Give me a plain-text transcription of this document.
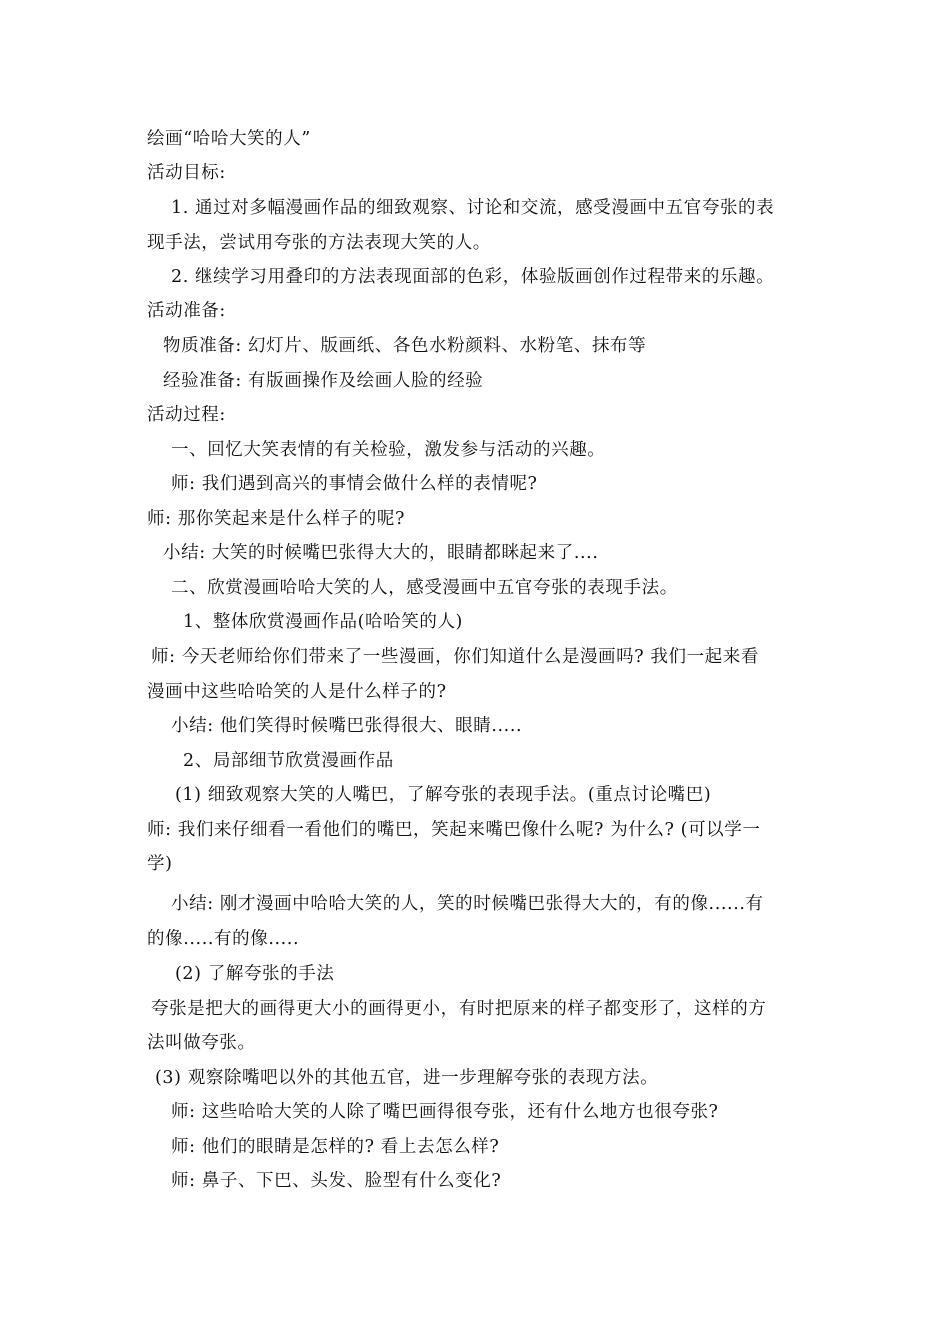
绘画“哈哈大笑的人”
活动目标:
1. 通过对多幅漫画作品的细致观察、讨论和交流，感受漫画中五官夸张的表
现手法，尝试用夸张的方法表现大笑的人。
2. 继续学习用叠印的方法表现面部的色彩，体验版画创作过程带来的乐趣。
活动准备:
物质准备: 幻灯片、版画纸、各色水粉颜料、水粉笔、抹布等
经验准备: 有版画操作及绘画人脸的经验
活动过程:
一、回忆大笑表情的有关检验，激发参与活动的兴趣。
师: 我们遇到高兴的事情会做什么样的表情呢?
师: 那你笑起来是什么样子的呢?
小结: 大笑的时候嘴巴张得大大的，眼睛都眯起来了....
二、欣赏漫画哈哈大笑的人，感受漫画中五官夸张的表现手法。
1、整体欣赏漫画作品(哈哈笑的人)
师: 今天老师给你们带来了一些漫画，你们知道什么是漫画吗? 我们一起来看
漫画中这些哈哈笑的人是什么样子的?
小结: 他们笑得时候嘴巴张得很大、眼睛.....
2、局部细节欣赏漫画作品
(1) 细致观察大笑的人嘴巴，了解夸张的表现手法。(重点讨论嘴巴)
师: 我们来仔细看一看他们的嘴巴，笑起来嘴巴像什么呢? 为什么? (可以学一
学)
小结: 刚才漫画中哈哈大笑的人，笑的时候嘴巴张得大大的，有的像......有
的像.....有的像.....
(2) 了解夸张的手法
夸张是把大的画得更大小的画得更小，有时把原来的样子都变形了，这样的方
法叫做夸张。
(3) 观察除嘴吧以外的其他五官，进一步理解夸张的表现方法。
师: 这些哈哈大笑的人除了嘴巴画得很夸张，还有什么地方也很夸张?
师: 他们的眼睛是怎样的? 看上去怎么样?
师: 鼻子、下巴、头发、脸型有什么变化?
